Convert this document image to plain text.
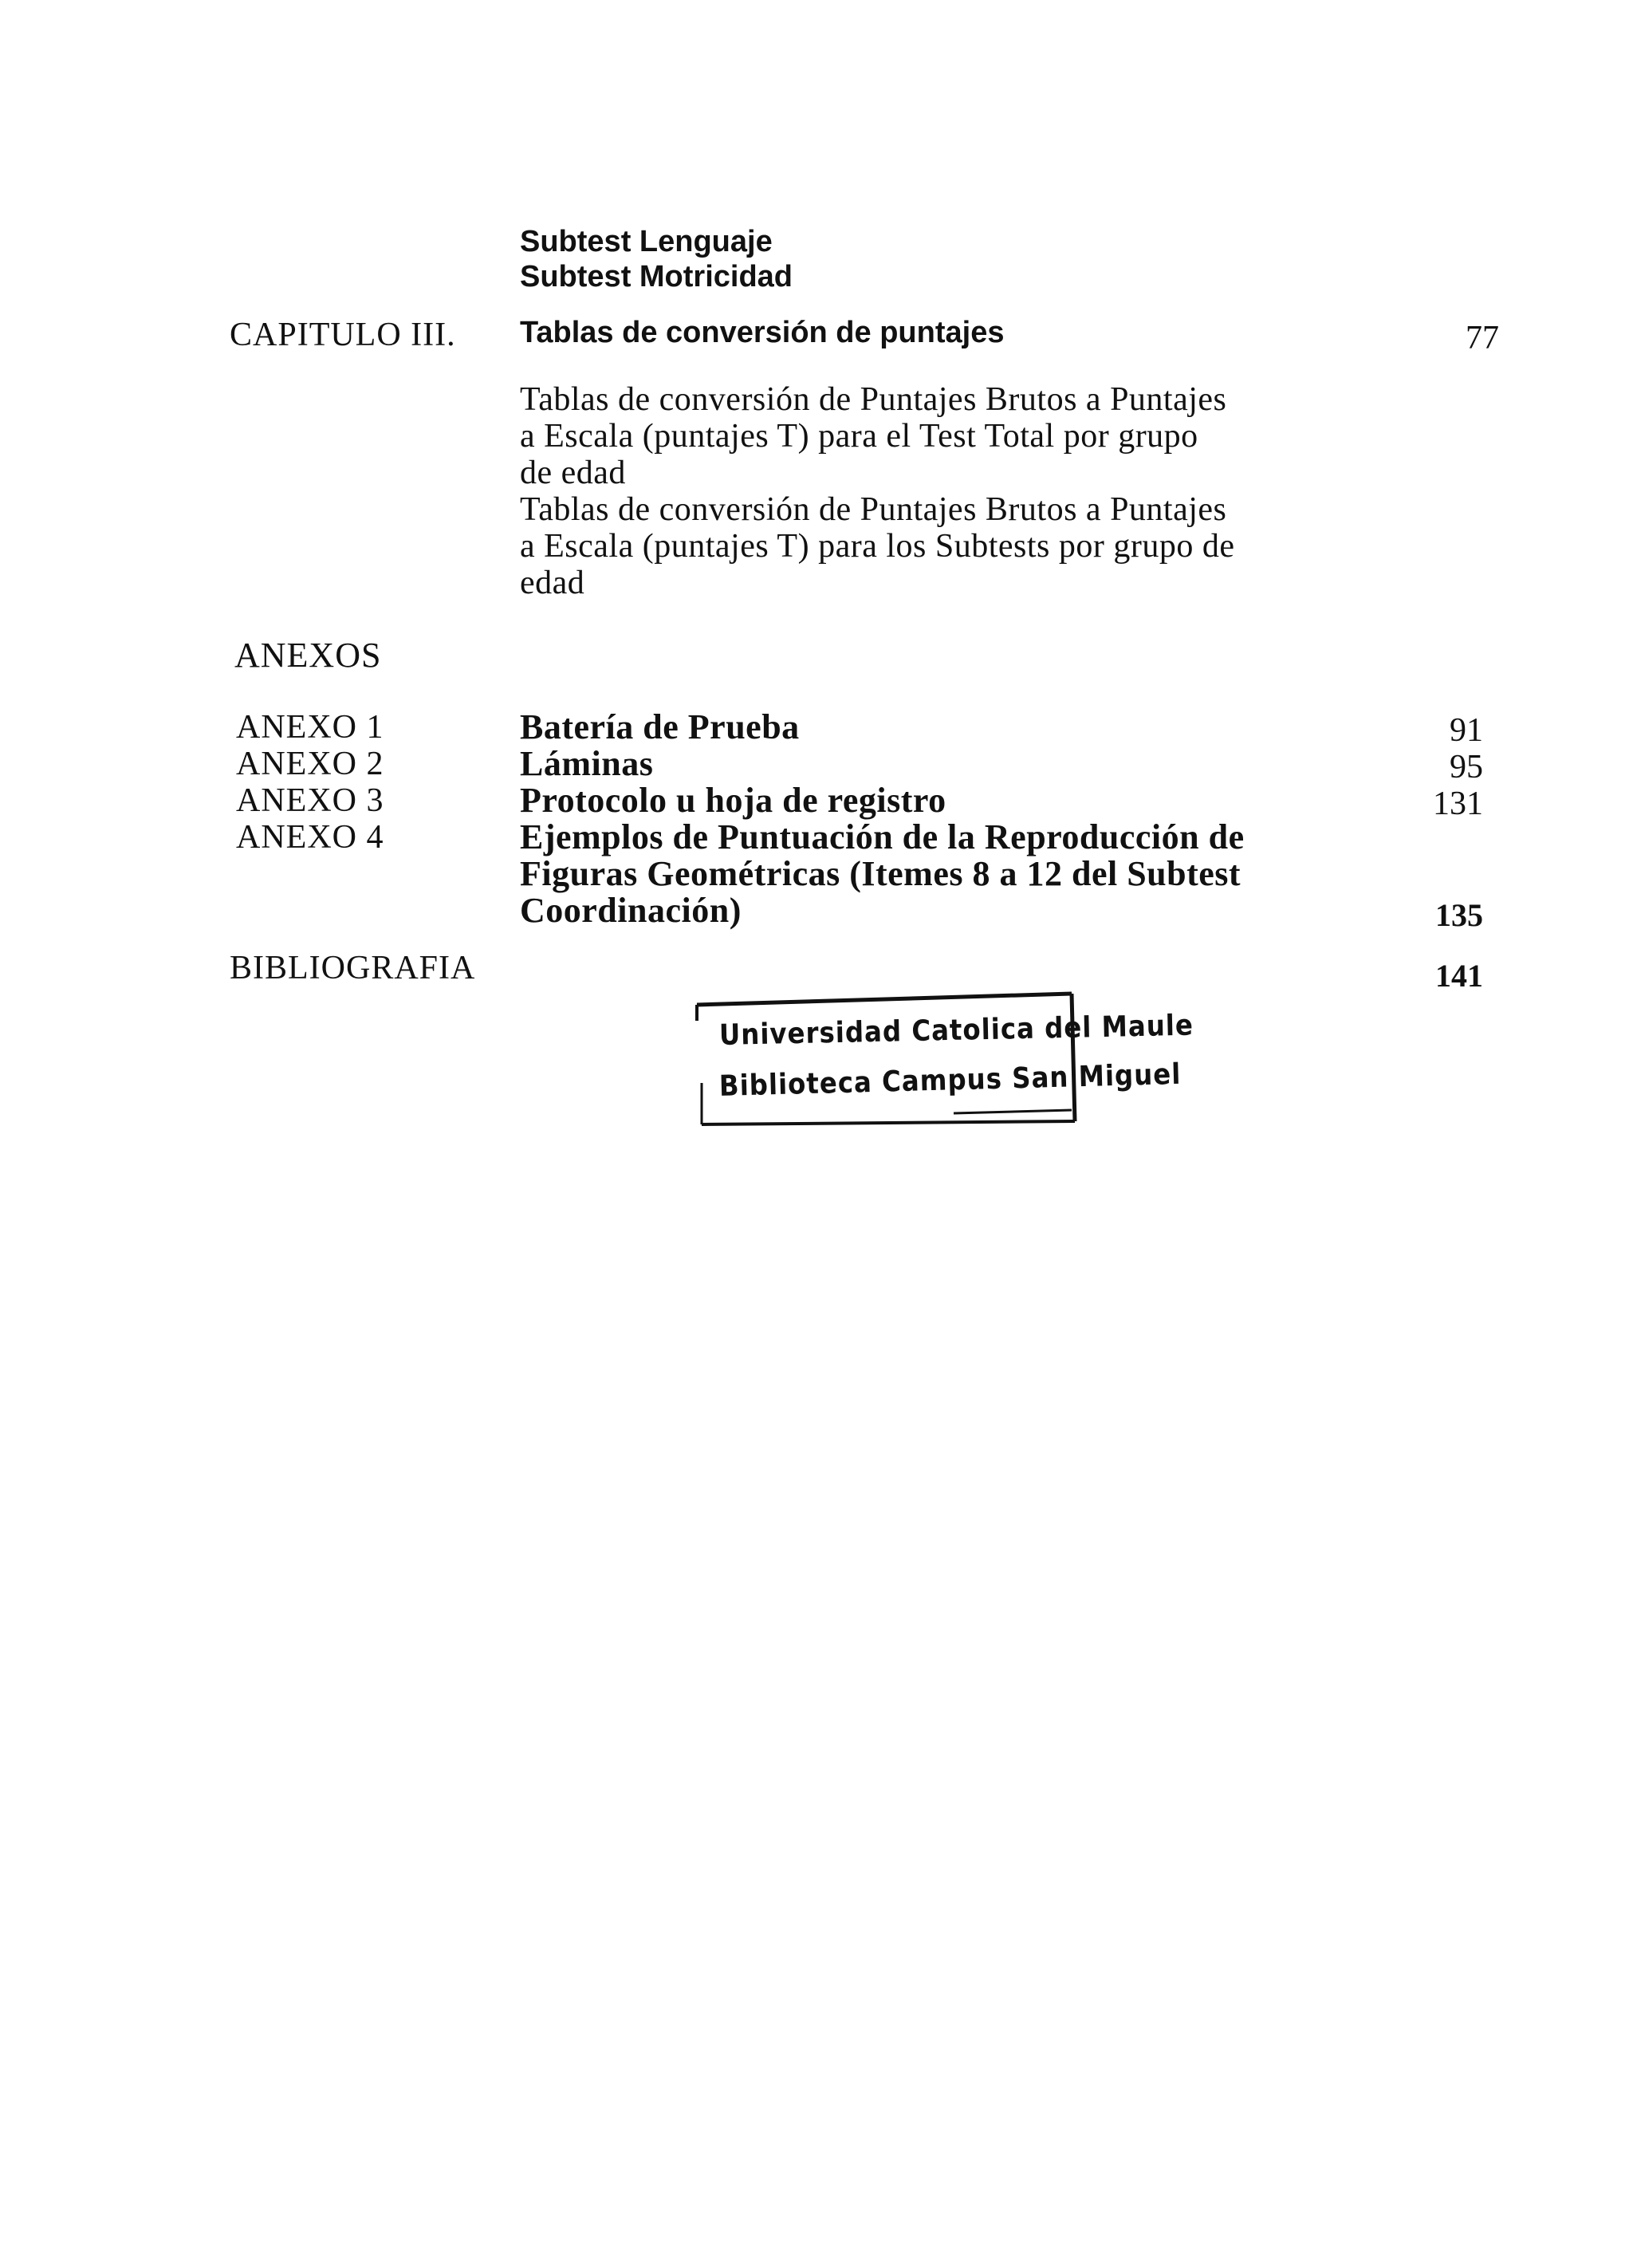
Subtest Lenguaje
Subtest Motricidad
CAPITULO III. Tablas de conversión de puntajes	77
Tablas de conversión de Puntajes Brutos a Puntajes
a Escala (puntajes T) para el Test Total por grupo
de edad
Tablas de conversión de Puntajes Brutos a Puntajes
a Escala (puntajes T) para los Subtests por grupo de
edad
ANEXOS
ANEXO 1	Batería de Prueba	91
ANEXO 2	Láminas	95
ANEXO 3	Protocolo u hoja de registro	131
ANEXO 4	Ejemplos de Puntuación de la Reproducción de
Figuras Geométricas (Itemes 8 a 12 del Subtest
Coordinación)	135
BIBLIOGRAFIA	141
Universidad Catolica del Maule
Biblioteca Campus San Miguel
